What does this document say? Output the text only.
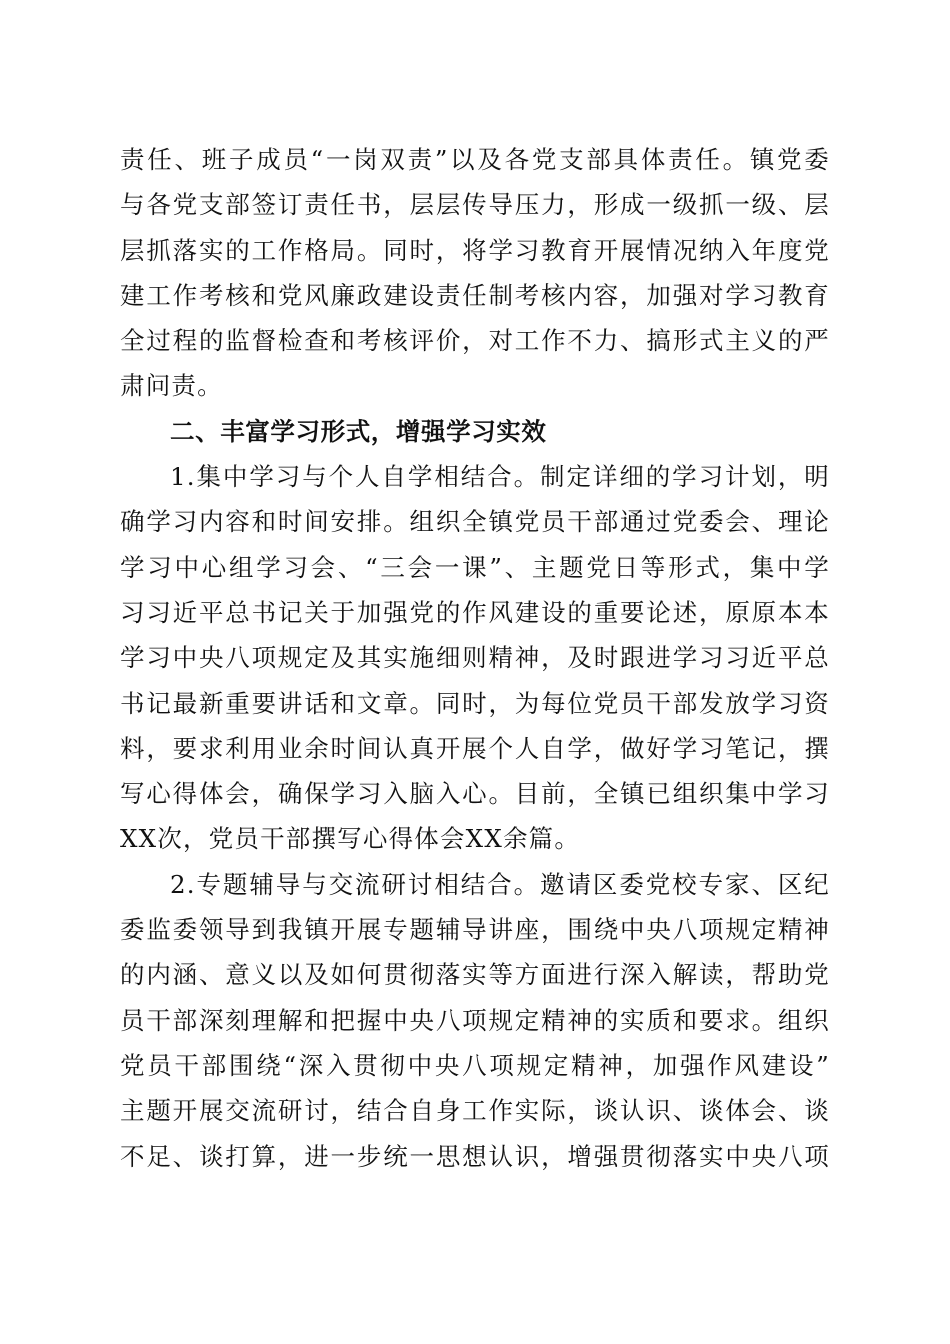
责任、班子成员“一岗双责”以及各党支部具体责任。镇党委
与各党支部签订责任书，层层传导压力，形成一级抓一级、层
层抓落实的工作格局。同时，将学习教育开展情况纳入年度党
建工作考核和党风廉政建设责任制考核内容，加强对学习教育
全过程的监督检查和考核评价，对工作不力、搞形式主义的严
肃问责。
二、丰富学习形式，增强学习实效
1.集中学习与个人自学相结合。制定详细的学习计划，明
确学习内容和时间安排。组织全镇党员干部通过党委会、理论
学习中心组学习会、“三会一课”、主题党日等形式，集中学
习习近平总书记关于加强党的作风建设的重要论述，原原本本
学习中央八项规定及其实施细则精神，及时跟进学习习近平总
书记最新重要讲话和文章。同时，为每位党员干部发放学习资
料，要求利用业余时间认真开展个人自学，做好学习笔记，撰
写心得体会，确保学习入脑入心。目前，全镇已组织集中学习
XX次，党员干部撰写心得体会XX余篇。
2.专题辅导与交流研讨相结合。邀请区委党校专家、区纪
委监委领导到我镇开展专题辅导讲座，围绕中央八项规定精神
的内涵、意义以及如何贯彻落实等方面进行深入解读，帮助党
员干部深刻理解和把握中央八项规定精神的实质和要求。组织
党员干部围绕“深入贯彻中央八项规定精神，加强作风建设”
主题开展交流研讨，结合自身工作实际，谈认识、谈体会、谈
不足、谈打算，进一步统一思想认识，增强贯彻落实中央八项
